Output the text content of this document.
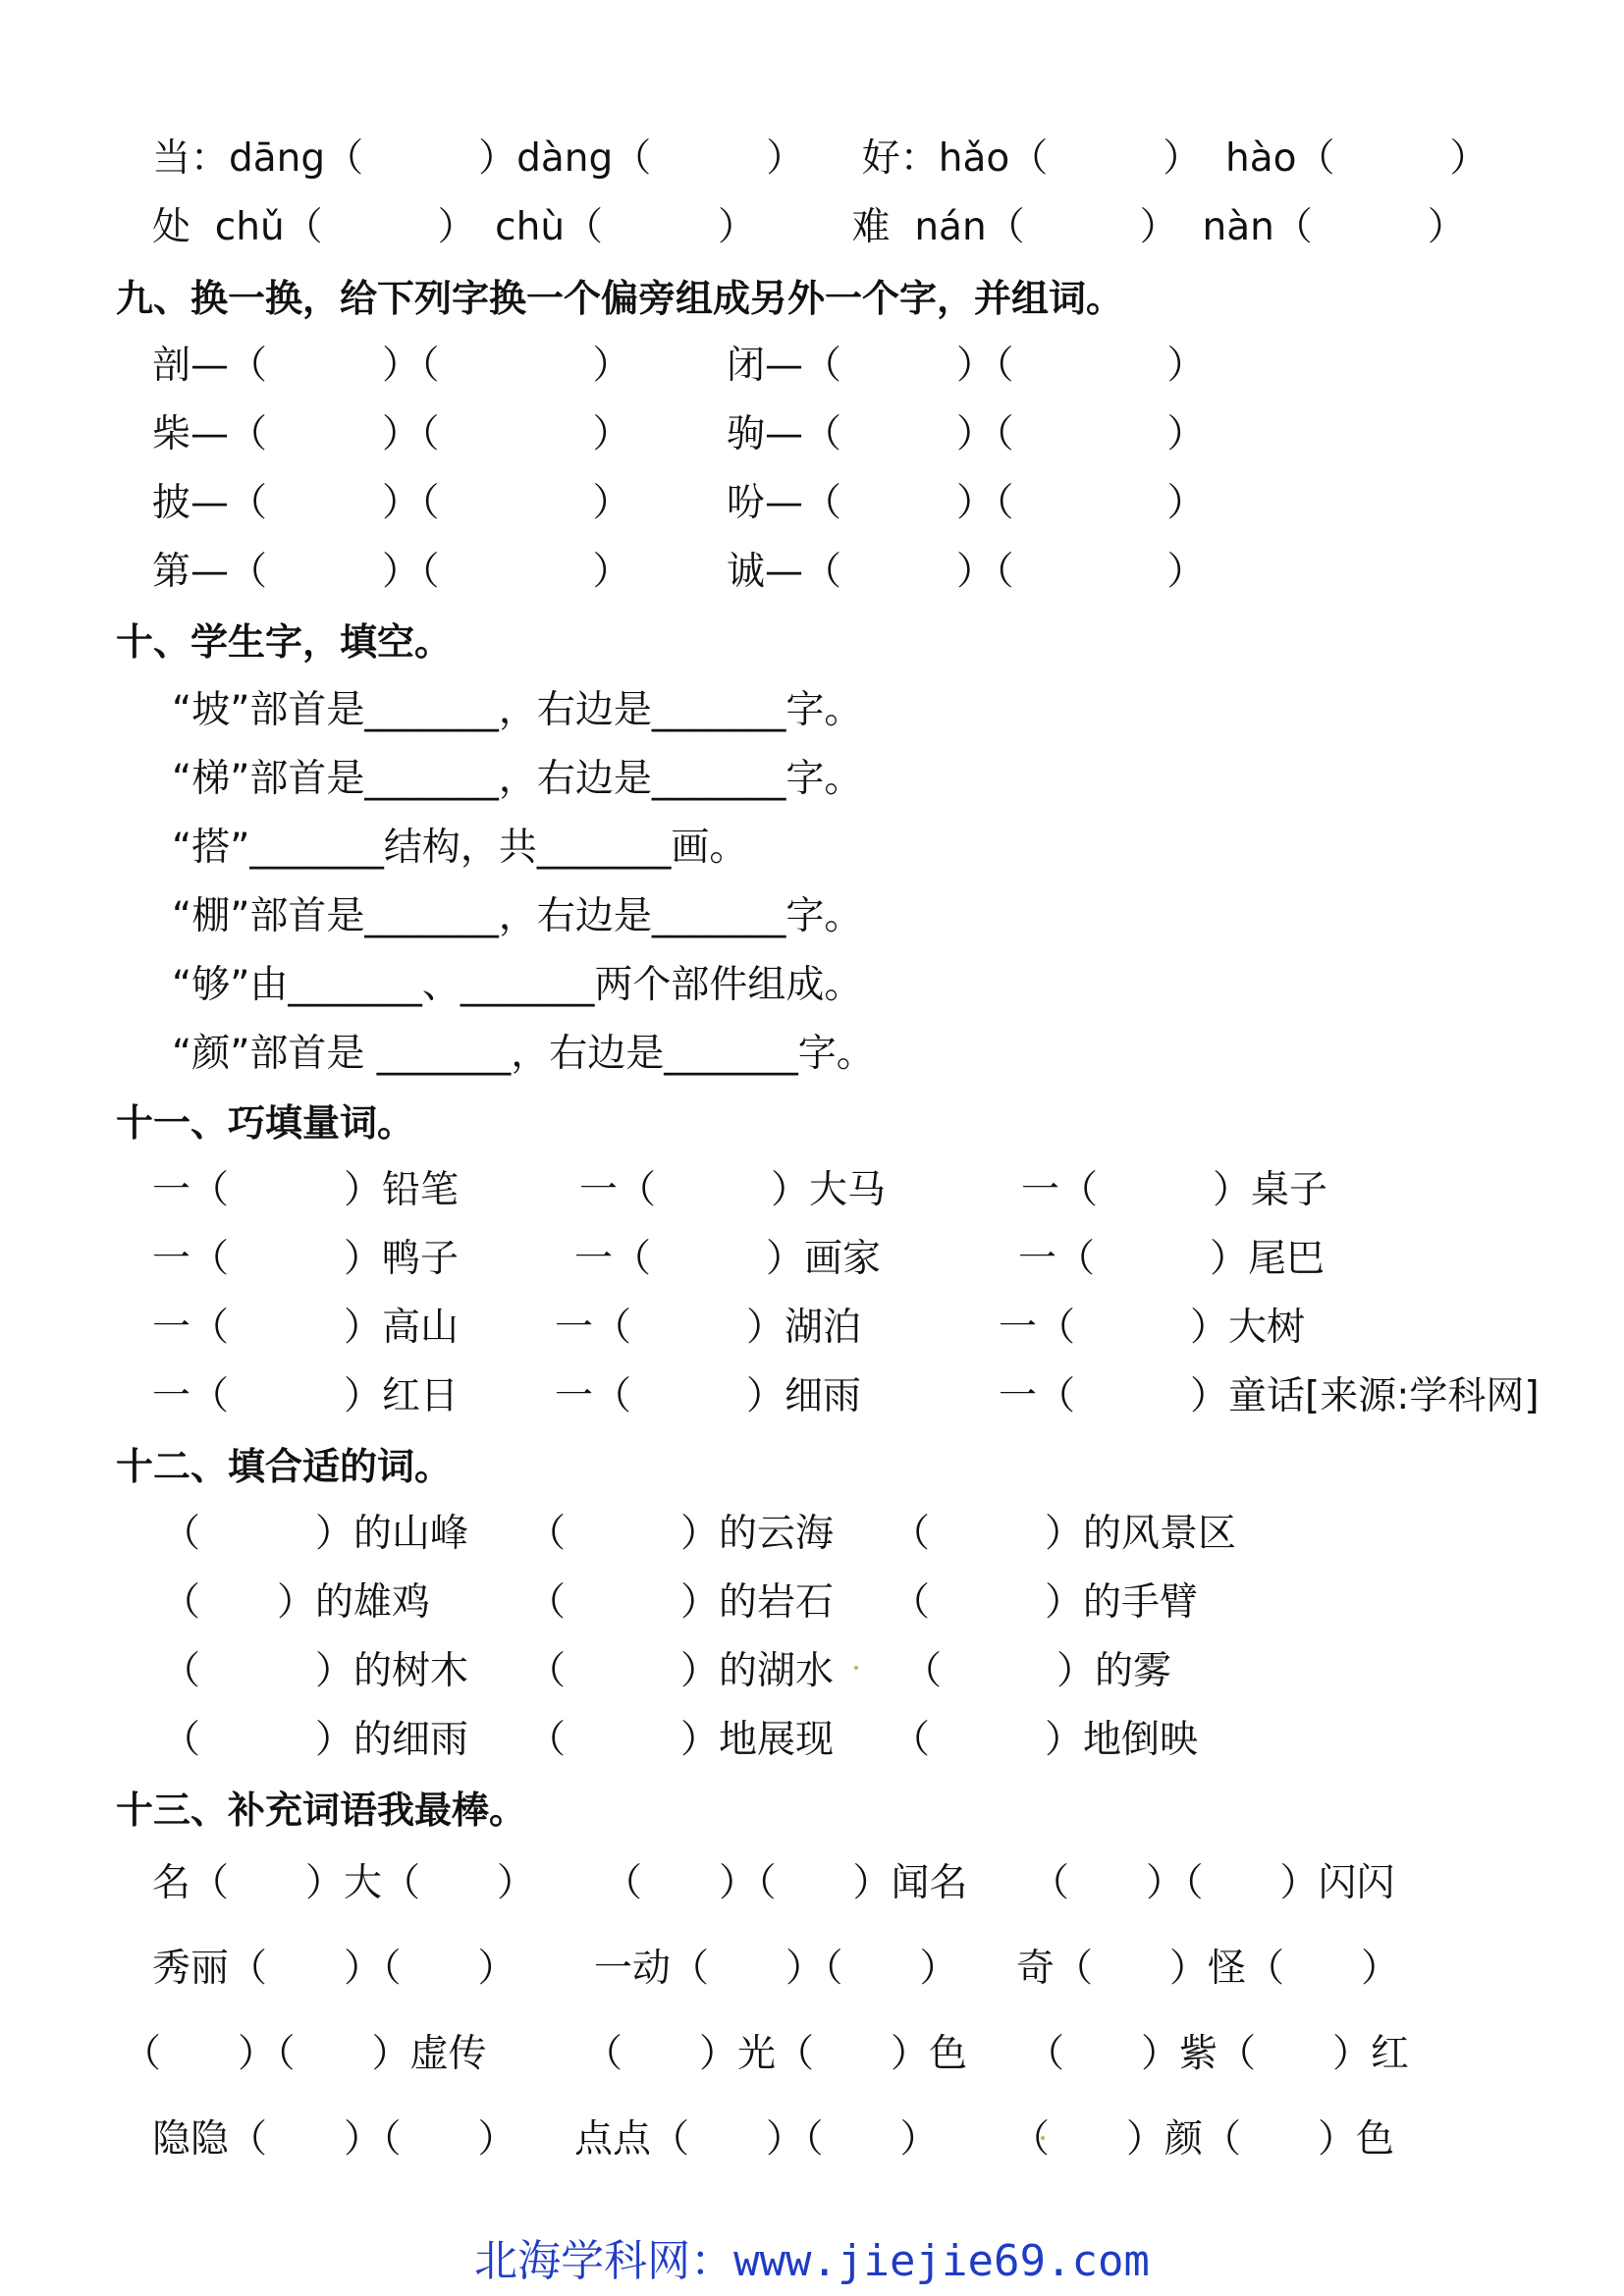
当：dāng（　　　）dàng（　　　）　　好：hǎo（　　　）  hào（　　　）
处  chǔ（　　　）　chù（　　　）　　　难  nán（　　　）  nàn（　　　）
九、换一换，给下列字换一个偏旁组成另外一个字，并组词。
剖—（　　　）（　　　　） 闭—（　　　）（　　　　）
柴—（　　　）（　　　　） 驹—（　　　）（　　　　）
披—（　　　）（　　　　） 吩—（　　　）（　　　　）
第—（　　　）（　　　　） 诚—（　　　）（　　　　）
十、学生字，填空。
“坡”部首是_______，右边是_______字。
“梯”部首是_______，右边是_______字。
“搭”_______结构，共_______画。
“棚”部首是_______，右边是_______字。
“够”由_______、_______两个部件组成。
“颜”部首是 _______，右边是_______字。
十一、巧填量词。
一（　　　）铅笔	一（　　　）大马	一（　　　）桌子
一（　　　）鸭子	一（　　　）画家	一（　　　）尾巴
一（　　　）高山	一（　　　）湖泊	一（　　　）大树
一（　　　）红日	一（　　　）细雨	一（　　　）童话[来源:学科网]
十二、填合适的词。
（　　　）的山峰 （　　　）的云海 （　　　）的风景区
（　　）的雄鸡	（　　　）的岩石 （　　　）的手臂
（　　　）的树木 （　　　）的湖水 （　　　）的雾
（　　　）的细雨 （　　　）地展现 （　　　）地倒映
十三、补充词语我最棒。
名（　　）大（　　） （　　）（　　）闻名 （　　）（　　）闪闪
秀丽（　　）（　　） 一动（　　）（　　） 奇（　　）怪（　　）
（　　）（　　）虚传	（　　）光（　　）色 （　　）紫（　　）红
隐隐（　　）（　　） 点点（　　）（　　） （　　）颜（　　）色
北海学科网：www.jiejie69.com
